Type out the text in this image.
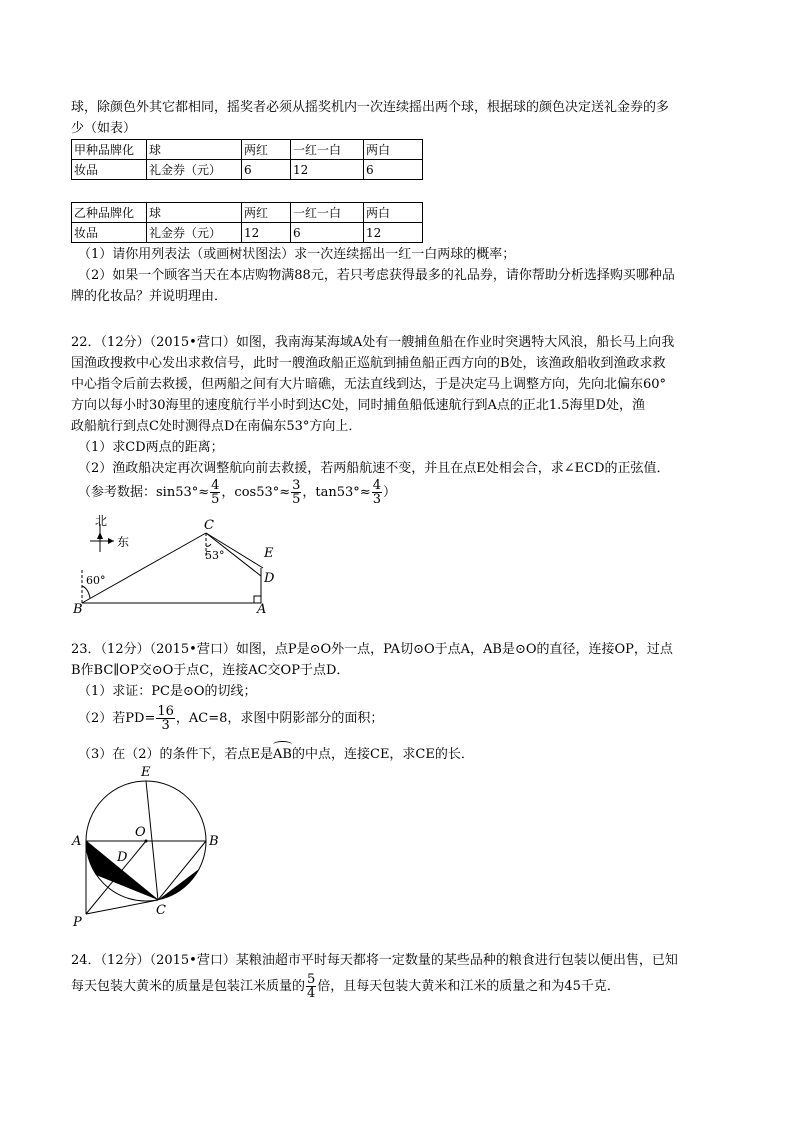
球，除颜色外其它都相同，摇奖者必须从摇奖机内一次连续摇出两个球，根据球的颜色决定送礼金券的多
少（如表）
甲种品牌化	球	两红	一红一白	两白
妆品	礼金券（元）	6	12	6
乙种品牌化	球	两红	一红一白	两白
妆品	礼金券（元）	12	6	12
（1）请你用列表法（或画树状图法）求一次连续摇出一红一白两球的概率；
（2）如果一个顾客当天在本店购物满88元，若只考虑获得最多的礼品券，请你帮助分析选择购买哪种品
牌的化妆品？并说明理由．
22．（12分）（2015•营口）如图，我南海某海域A处有一艘捕鱼船在作业时突遇特大风浪，船长马上向我
国渔政搜救中心发出求救信号，此时一艘渔政船正巡航到捕鱼船正西方向的B处，该渔政船收到渔政求救
中心指令后前去救援，但两船之间有大片暗礁，无法直线到达，于是决定马上调整方向，先向北偏东60°
方向以每小时30海里的速度航行半小时到达C处，同时捕鱼船低速航行到A点的正北1.5海里D处，渔
政船航行到点C处时测得点D在南偏东53°方向上．
（1）求CD两点的距离；
（2）渔政船决定再次调整航向前去救援，若两船航速不变，并且在点E处相会合，求∠ECD的正弦值．
（参考数据：$\sin 53^\circ\approx \frac{4}{5}$ ，$\cos 53^\circ\approx \frac{3}{5}$ ，$\tan 53^\circ\approx \frac{4}{3}$ ）
北
东
60°
53°
B	A
C
D
E
23．（12分）（2015•营口）如图，点P是⊙O外一点，PA切⊙O于点A，AB是⊙O的直径，连接OP，过点
B作BC∥OP交⊙O于点C，连接AC交OP于点D．
（1）求证：PC是⊙O的切线；
（2）若$PD= \frac{16}{3}$ ，AC=8，求图中阴影部分的面积；
（3）在（2）的条件下，若点E是AB的中点，连接CE，求CE的长．
E
O
A	B
D
C
P
24．（12分）（2015•营口）某粮油超市平时每天都将一定数量的某些品种的粮食进行包装以便出售，已知
每天包装大黄米的质量是包装江米质量的 $\frac{5}{4}$ 倍，且每天包装大黄米和江米的质量之和为45千克．
